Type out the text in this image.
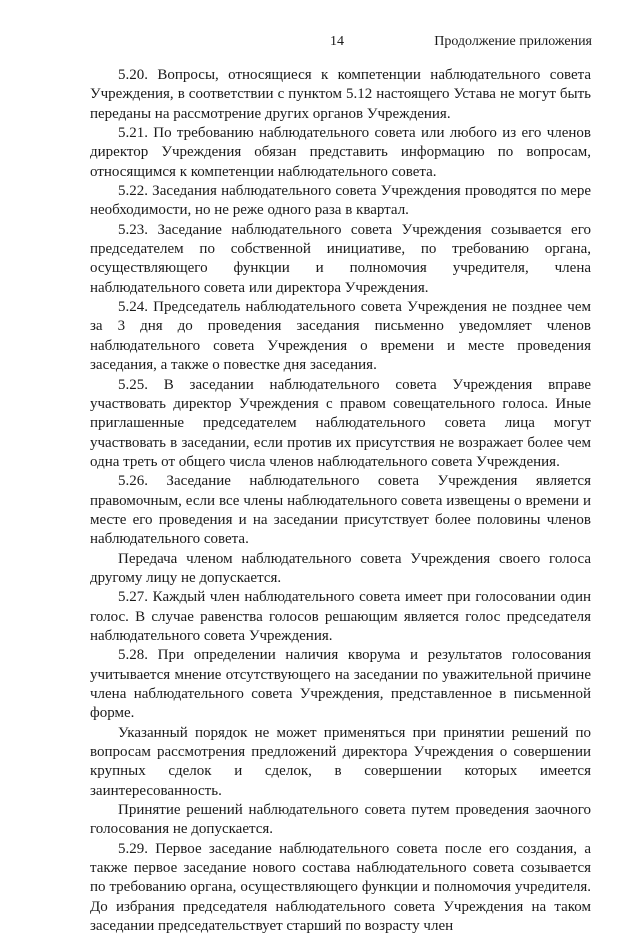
14	Продолжение приложения

5.20. Вопросы, относящиеся к компетенции наблюдательного совета Учреждения, в соответствии с пунктом 5.12 настоящего Устава не могут быть переданы на рассмотрение других органов Учреждения.

5.21. По требованию наблюдательного совета или любого из его членов директор Учреждения обязан представить информацию по вопросам, относящимся к компетенции наблюдательного совета.

5.22. Заседания наблюдательного совета Учреждения проводятся по мере необходимости, но не реже одного раза в квартал.

5.23. Заседание наблюдательного совета Учреждения созывается его председателем по собственной инициативе, по требованию органа, осуществляющего функции и полномочия учредителя, члена наблюдательного совета или директора Учреждения.

5.24. Председатель наблюдательного совета Учреждения не позднее чем за 3 дня до проведения заседания письменно уведомляет членов наблюдательного совета Учреждения о времени и месте проведения заседания, а также о повестке дня заседания.

5.25. В заседании наблюдательного совета Учреждения вправе участвовать директор Учреждения с правом совещательного голоса. Иные приглашенные председателем наблюдательного совета лица могут участвовать в заседании, если против их присутствия не возражает более чем одна треть от общего числа членов наблюдательного совета Учреждения.

5.26. Заседание наблюдательного совета Учреждения является правомочным, если все члены наблюдательного совета извещены о времени и месте его проведения и на заседании присутствует более половины членов наблюдательного совета.

Передача членом наблюдательного совета Учреждения своего голоса другому лицу не допускается.

5.27. Каждый член наблюдательного совета имеет при голосовании один голос. В случае равенства голосов решающим является голос председателя наблюдательного совета Учреждения.

5.28. При определении наличия кворума и результатов голосования учитывается мнение отсутствующего на заседании по уважительной причине члена наблюдательного совета Учреждения, представленное в письменной форме.

Указанный порядок не может применяться при принятии решений по вопросам рассмотрения предложений директора Учреждения о совершении крупных сделок и сделок, в совершении которых имеется заинтересованность.

Принятие решений наблюдательного совета путем проведения заочного голосования не допускается.

5.29. Первое заседание наблюдательного совета после его создания, а также первое заседание нового состава наблюдательного совета созывается по требованию органа, осуществляющего функции и полномочия учредителя. До избрания председателя наблюдательного совета Учреждения на таком заседании председательствует старший по возрасту член
